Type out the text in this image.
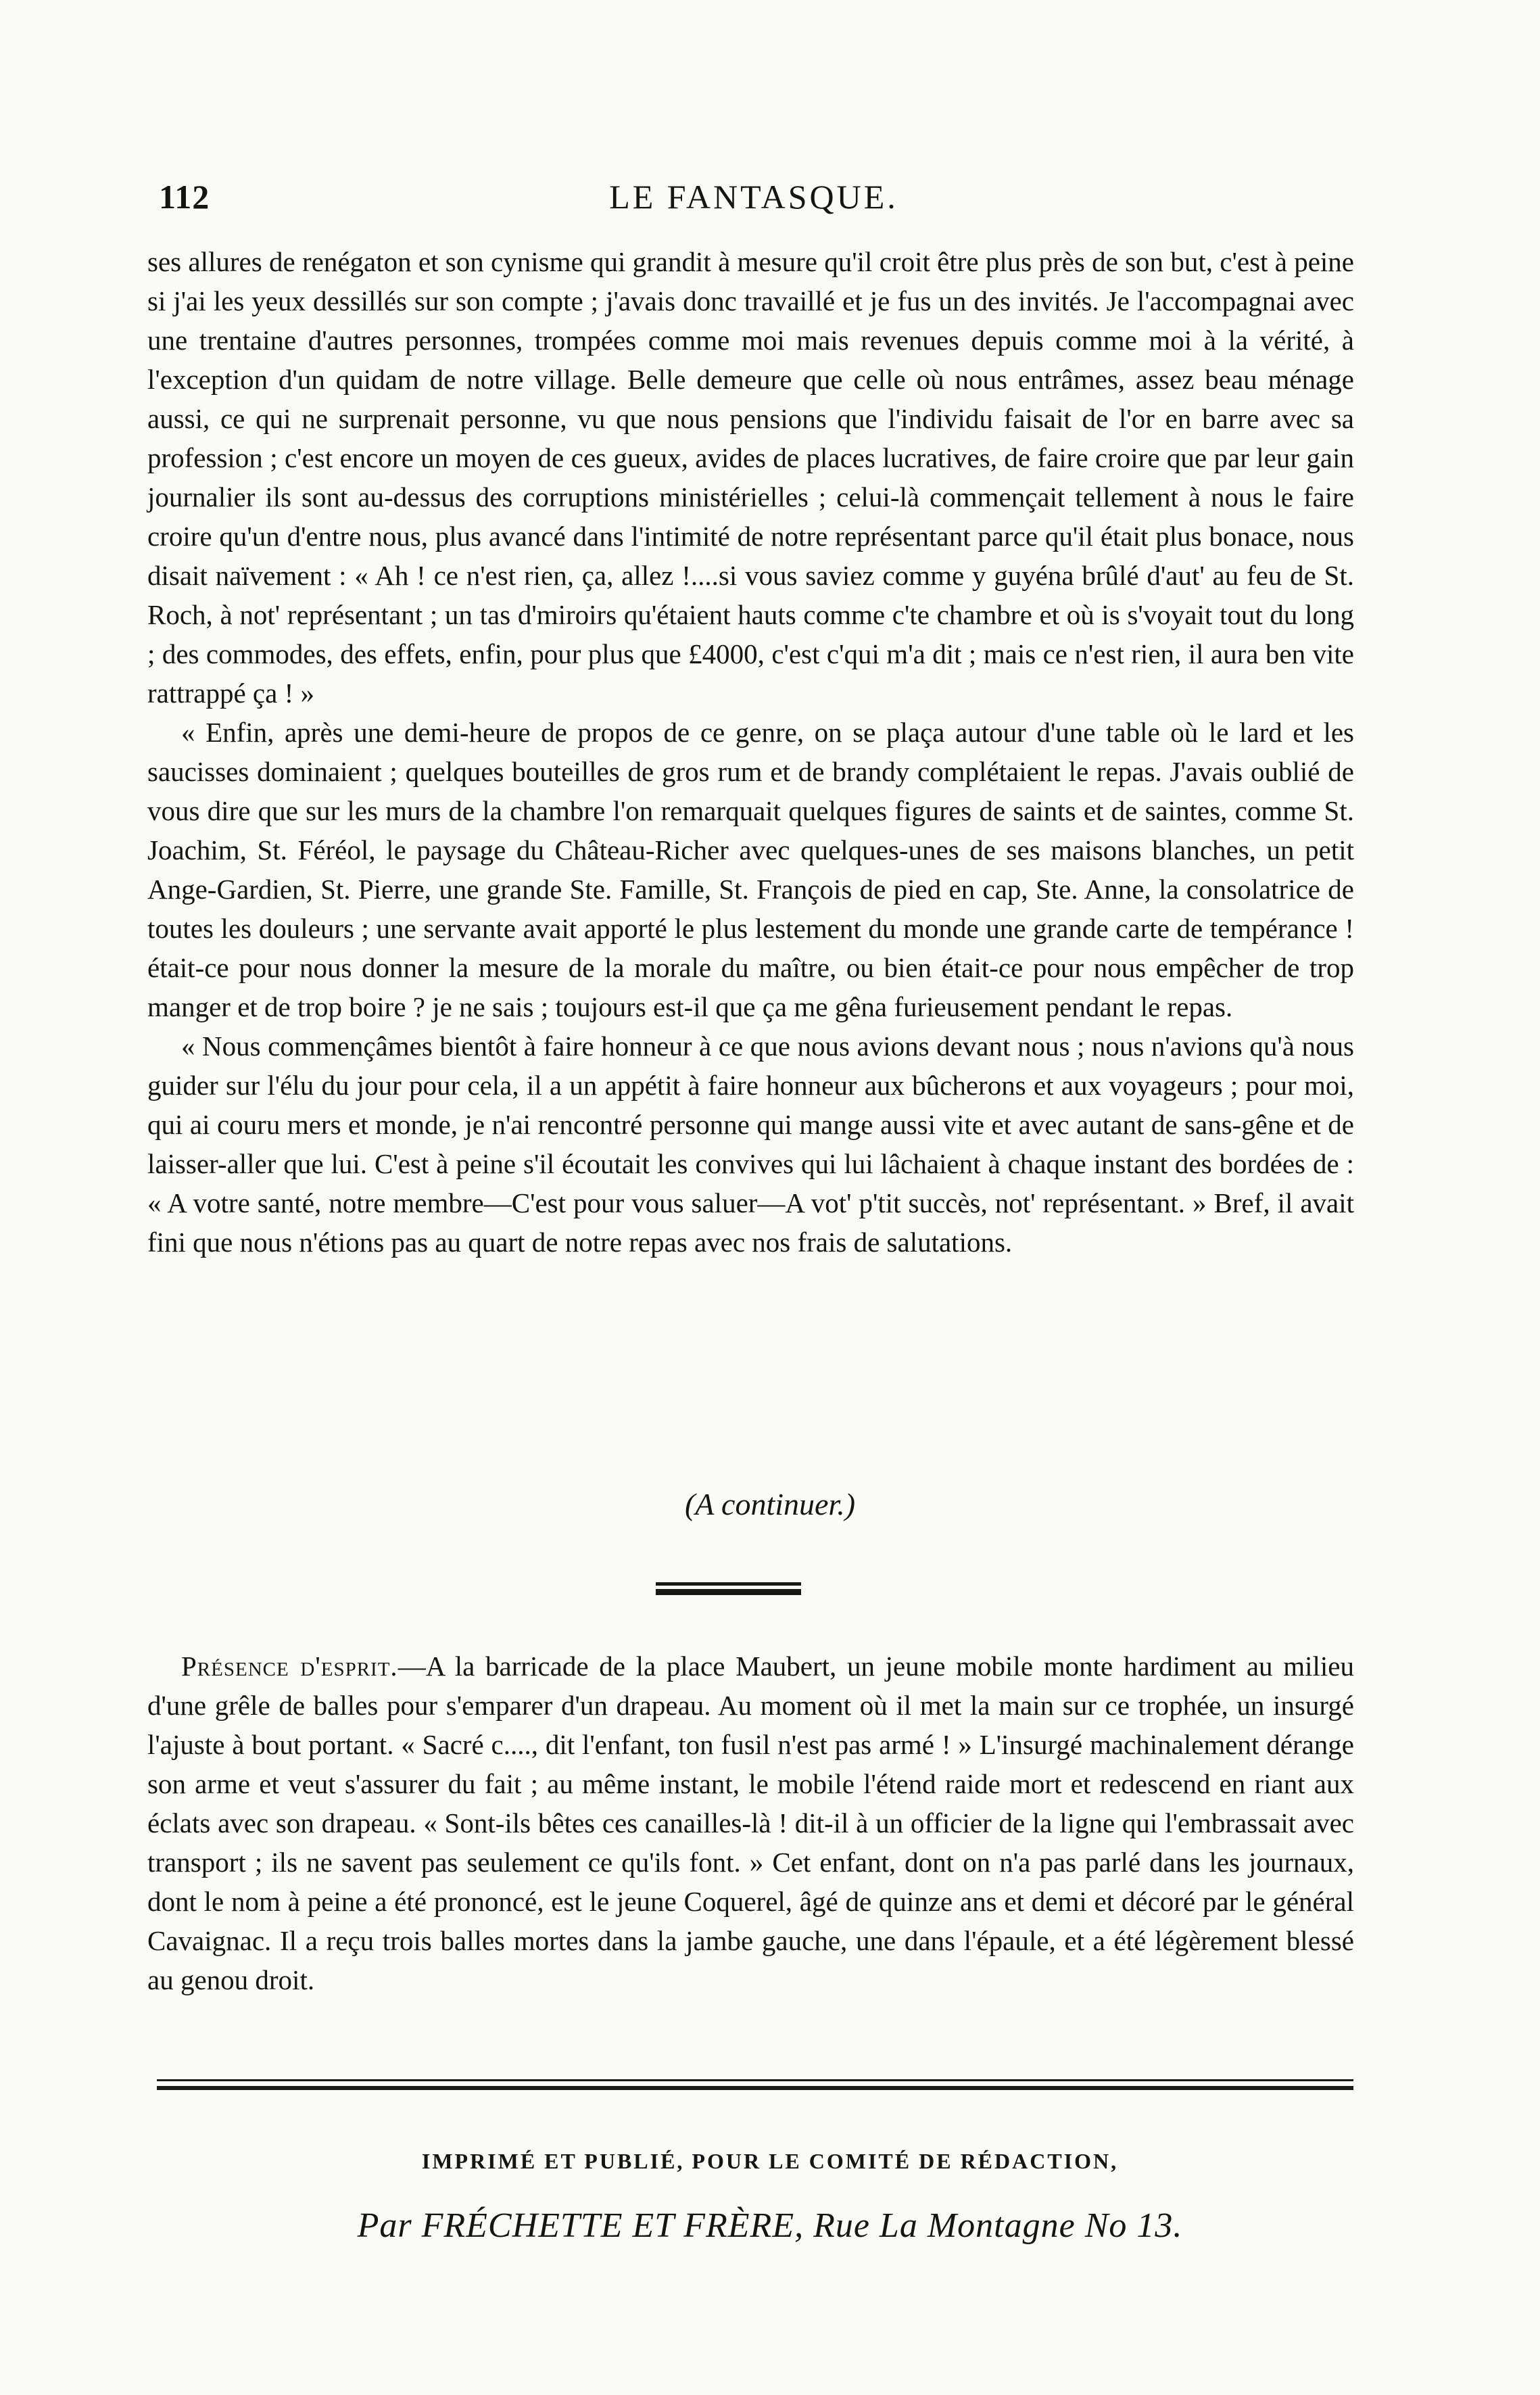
112	LE FANTASQUE.

ses allures de renégaton et son cynisme qui grandit à mesure qu'il croit être plus près de son but, c'est à peine si j'ai les yeux dessillés sur son compte ; j'avais donc travaillé et je fus un des invités. Je l'accompagnai avec une trentaine d'autres personnes, trompées comme moi mais revenues depuis comme moi à la vérité, à l'exception d'un quidam de notre village. Belle demeure que celle où nous entrâmes, assez beau ménage aussi, ce qui ne surprenait personne, vu que nous pensions que l'individu faisait de l'or en barre avec sa profession ; c'est encore un moyen de ces gueux, avides de places lucratives, de faire croire que par leur gain journalier ils sont au-dessus des corruptions ministérielles ; celui-là commençait tellement à nous le faire croire qu'un d'entre nous, plus avancé dans l'intimité de notre représentant parce qu'il était plus bonace, nous disait naïvement : « Ah ! ce n'est rien, ça, allez !....si vous saviez comme y guyéna brûlé d'aut' au feu de St. Roch, à not' représentant ; un tas d'miroirs qu'étaient hauts comme c'te chambre et où is s'voyait tout du long ; des commodes, des effets, enfin, pour plus que £4000, c'est c'qui m'a dit ; mais ce n'est rien, il aura ben vite rattrappé ça ! »

« Enfin, après une demi-heure de propos de ce genre, on se plaça autour d'une table où le lard et les saucisses dominaient ; quelques bouteilles de gros rum et de brandy complétaient le repas. J'avais oublié de vous dire que sur les murs de la chambre l'on remarquait quelques figures de saints et de saintes, comme St. Joachim, St. Féréol, le paysage du Château-Richer avec quelques-unes de ses maisons blanches, un petit Ange-Gardien, St. Pierre, une grande Ste. Famille, St. François de pied en cap, Ste. Anne, la consolatrice de toutes les douleurs ; une servante avait apporté le plus lestement du monde une grande carte de tempérance ! était-ce pour nous donner la mesure de la morale du maître, ou bien était-ce pour nous empêcher de trop manger et de trop boire ? je ne sais ; toujours est-il que ça me gêna furieusement pendant le repas.

« Nous commençâmes bientôt à faire honneur à ce que nous avions devant nous ; nous n'avions qu'à nous guider sur l'élu du jour pour cela, il a un appétit à faire honneur aux bûcherons et aux voyageurs ; pour moi, qui ai couru mers et monde, je n'ai rencontré personne qui mange aussi vite et avec autant de sans-gêne et de laisser-aller que lui. C'est à peine s'il écoutait les convives qui lui lâchaient à chaque instant des bordées de : « A votre santé, notre membre—C'est pour vous saluer—A vot' p'tit succès, not' représentant. » Bref, il avait fini que nous n'étions pas au quart de notre repas avec nos frais de salutations.

(A continuer.)

Présence d'esprit.—A la barricade de la place Maubert, un jeune mobile monte hardiment au milieu d'une grêle de balles pour s'emparer d'un drapeau. Au moment où il met la main sur ce trophée, un insurgé l'ajuste à bout portant. « Sacré c...., dit l'enfant, ton fusil n'est pas armé ! » L'insurgé machinalement dérange son arme et veut s'assurer du fait ; au même instant, le mobile l'étend raide mort et redescend en riant aux éclats avec son drapeau. « Sont-ils bêtes ces canailles-là ! dit-il à un officier de la ligne qui l'embrassait avec transport ; ils ne savent pas seulement ce qu'ils font. » Cet enfant, dont on n'a pas parlé dans les journaux, dont le nom à peine a été prononcé, est le jeune Coquerel, âgé de quinze ans et demi et décoré par le général Cavaignac. Il a reçu trois balles mortes dans la jambe gauche, une dans l'épaule, et a été légèrement blessé au genou droit.

IMPRIMÉ ET PUBLIÉ, POUR LE COMITÉ DE RÉDACTION,
Par FRÉCHETTE ET FRÈRE, Rue La Montagne No 13.
